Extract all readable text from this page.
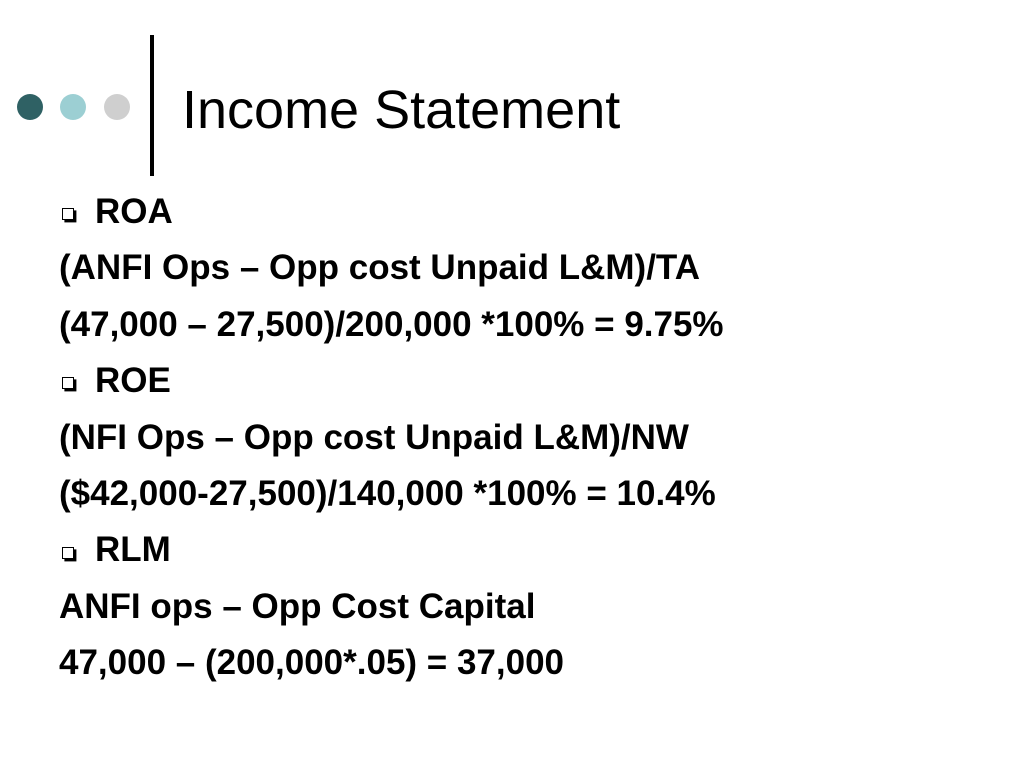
Income Statement
ROA
(ANFI Ops – Opp cost Unpaid L&M)/TA
(47,000 – 27,500)/200,000 *100% = 9.75%
ROE
(NFI Ops – Opp cost Unpaid L&M)/NW
($42,000-27,500)/140,000 *100% = 10.4%
RLM
ANFI ops – Opp Cost Capital
47,000 – (200,000*.05) = 37,000
